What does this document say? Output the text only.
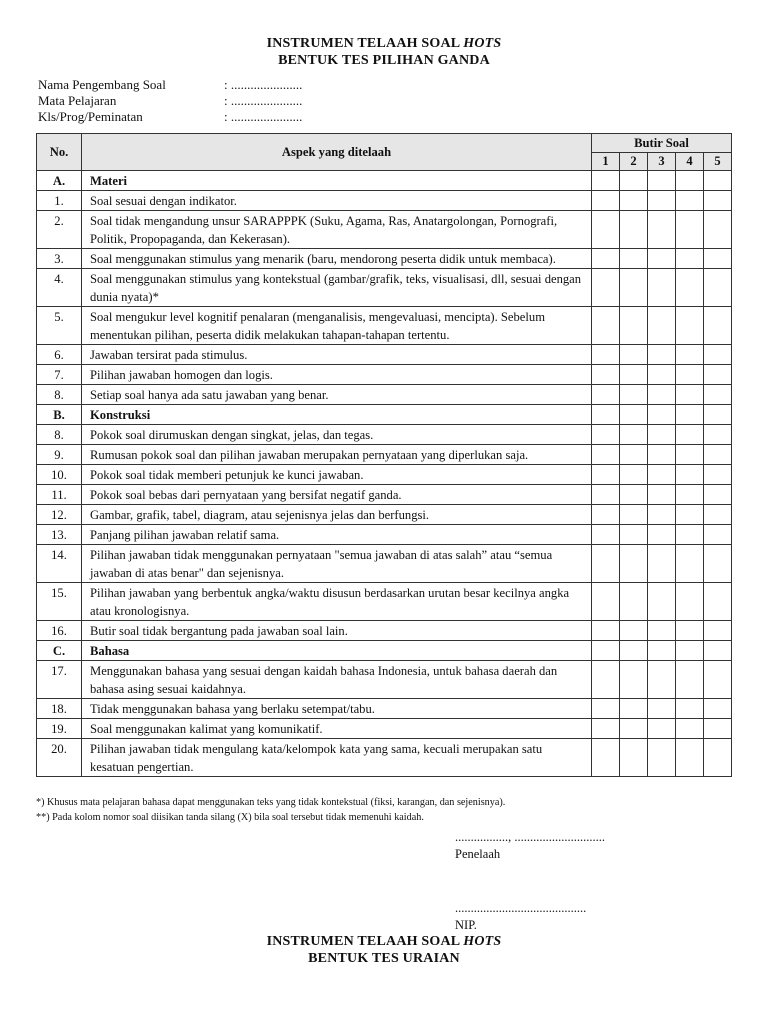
INSTRUMEN TELAAH SOAL HOTS
BENTUK TES PILIHAN GANDA
Nama Pengembang Soal	: ......................
Mata Pelajaran	: ......................
Kls/Prog/Peminatan	: ......................
No.	Aspek yang ditelaah	Butir Soal				
		1	2	3	4	5
A.	Materi					
1.	Soal sesuai dengan indikator.					
2.	Soal tidak mengandung unsur SARAPPPK (Suku, Agama, Ras, Anatargolongan, Pornografi, Politik, Propopaganda, dan Kekerasan).					
3.	Soal menggunakan stimulus yang menarik (baru, mendorong peserta didik untuk membaca).					
4.	Soal menggunakan stimulus yang kontekstual (gambar/grafik, teks, visualisasi, dll, sesuai dengan dunia nyata)*					
5.	Soal mengukur level kognitif penalaran (menganalisis, mengevaluasi, mencipta). Sebelum menentukan pilihan, peserta didik melakukan tahapan-tahapan tertentu.					
6.	Jawaban tersirat pada stimulus.					
7.	Pilihan jawaban homogen dan logis.					
8.	Setiap soal hanya ada satu jawaban yang benar.					
B.	Konstruksi					
8.	Pokok soal dirumuskan dengan singkat, jelas, dan tegas.					
9.	Rumusan pokok soal dan pilihan jawaban merupakan pernyataan yang diperlukan saja.					
10.	Pokok soal tidak memberi petunjuk ke kunci jawaban.					
11.	Pokok soal bebas dari pernyataan yang bersifat negatif ganda.					
12.	Gambar, grafik, tabel, diagram, atau sejenisnya jelas dan berfungsi.					
13.	Panjang pilihan jawaban relatif sama.					
14.	Pilihan jawaban tidak menggunakan pernyataan "semua jawaban di atas salah” atau “semua jawaban di atas benar" dan sejenisnya.					
15.	Pilihan jawaban yang berbentuk angka/waktu disusun berdasarkan urutan besar kecilnya angka atau kronologisnya.					
16.	Butir soal tidak bergantung pada jawaban soal lain.					
C.	Bahasa					
17.	Menggunakan bahasa yang sesuai dengan kaidah bahasa Indonesia, untuk bahasa daerah dan bahasa asing sesuai kaidahnya.					
18.	Tidak menggunakan bahasa yang berlaku setempat/tabu.					
19.	Soal menggunakan kalimat yang komunikatif.					
20.	Pilihan jawaban tidak mengulang kata/kelompok kata yang sama, kecuali merupakan satu kesatuan pengertian.					
*) Khusus mata pelajaran bahasa dapat menggunakan teks yang tidak kontekstual (fiksi, karangan, dan sejenisnya).
**) Pada kolom nomor soal diisikan tanda silang (X) bila soal tersebut tidak memenuhi kaidah.
................., .............................
Penelaah
..........................................
NIP.
INSTRUMEN TELAAH SOAL HOTS
BENTUK TES URAIAN
